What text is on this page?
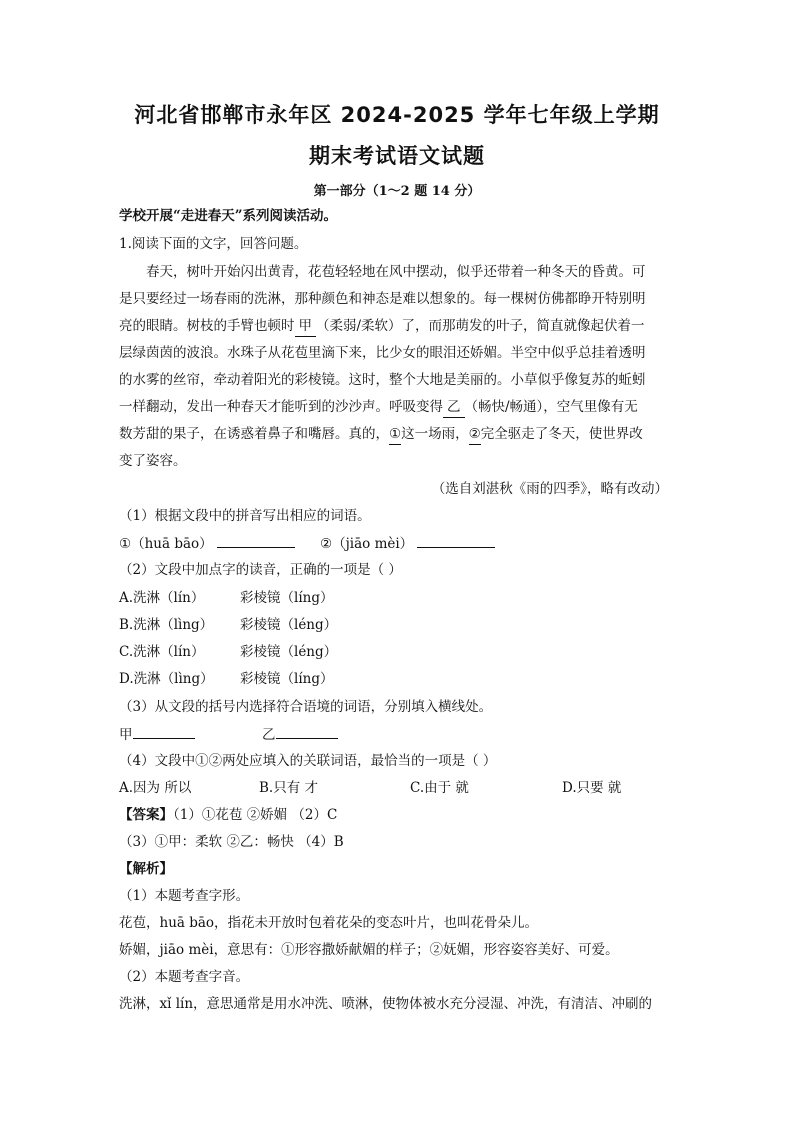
河北省邯郸市永年区 2024-2025 学年七年级上学期
期末考试语文试题
第一部分（1～2 题 14 分）
学校开展“走进春天”系列阅读活动。
1.阅读下面的文字，回答问题。
春天，树叶开始闪出黄青，花苞轻轻地在风中摆动，似乎还带着一种冬天的昏黄。可
是只要经过一场春雨的洗淋，那种颜色和神态是难以想象的。每一棵树仿佛都睁开特别明
亮的眼睛。树枝的手臂也顿时 甲 （柔弱/柔软）了，而那萌发的叶子，简直就像起伏着一
层绿茵茵的波浪。水珠子从花苞里滴下来，比少女的眼泪还娇媚。半空中似乎总挂着透明
的水雾的丝帘，牵动着阳光的彩棱镜。这时，整个大地是美丽的。小草似乎像复苏的蚯蚓
一样翻动，发出一种春天才能听到的沙沙声。呼吸变得 乙 （畅快/畅通），空气里像有无
数芳甜的果子，在诱惑着鼻子和嘴唇。真的，①这一场雨，②完全驱走了冬天，使世界改
变了姿容。
（选自刘湛秋《雨的四季》，略有改动）
（1）根据文段中的拼音写出相应的词语。
①（huā bāo）	②（jiāo mèi）
（2）文段中加点字的读音，正确的一项是（ ）
A.洗淋（lín）	彩棱镜（líng）
B.洗淋（lìng） 彩棱镜（léng）
C.洗淋（lín）	彩棱镜（léng）
D.洗淋（lìng） 彩棱镜（líng）
（3）从文段的括号内选择符合语境的词语，分别填入横线处。
甲	乙
（4）文段中①②两处应填入的关联词语，最恰当的一项是（ ）
A.因为 所以	B.只有 才	C.由于 就	D.只要 就
【答案】（1）①花苞 ②娇媚 （2）C
（3）①甲：柔软 ②乙：畅快 （4）B
【解析】
（1）本题考查字形。
花苞，huā bāo，指花未开放时包着花朵的变态叶片，也叫花骨朵儿。
娇媚，jiāo mèi，意思有：①形容撒娇献媚的样子；②妩媚，形容姿容美好、可爱。
（2）本题考查字音。
洗淋，xǐ lín，意思通常是用水冲洗、喷淋，使物体被水充分浸湿、冲洗，有清洁、冲刷的
